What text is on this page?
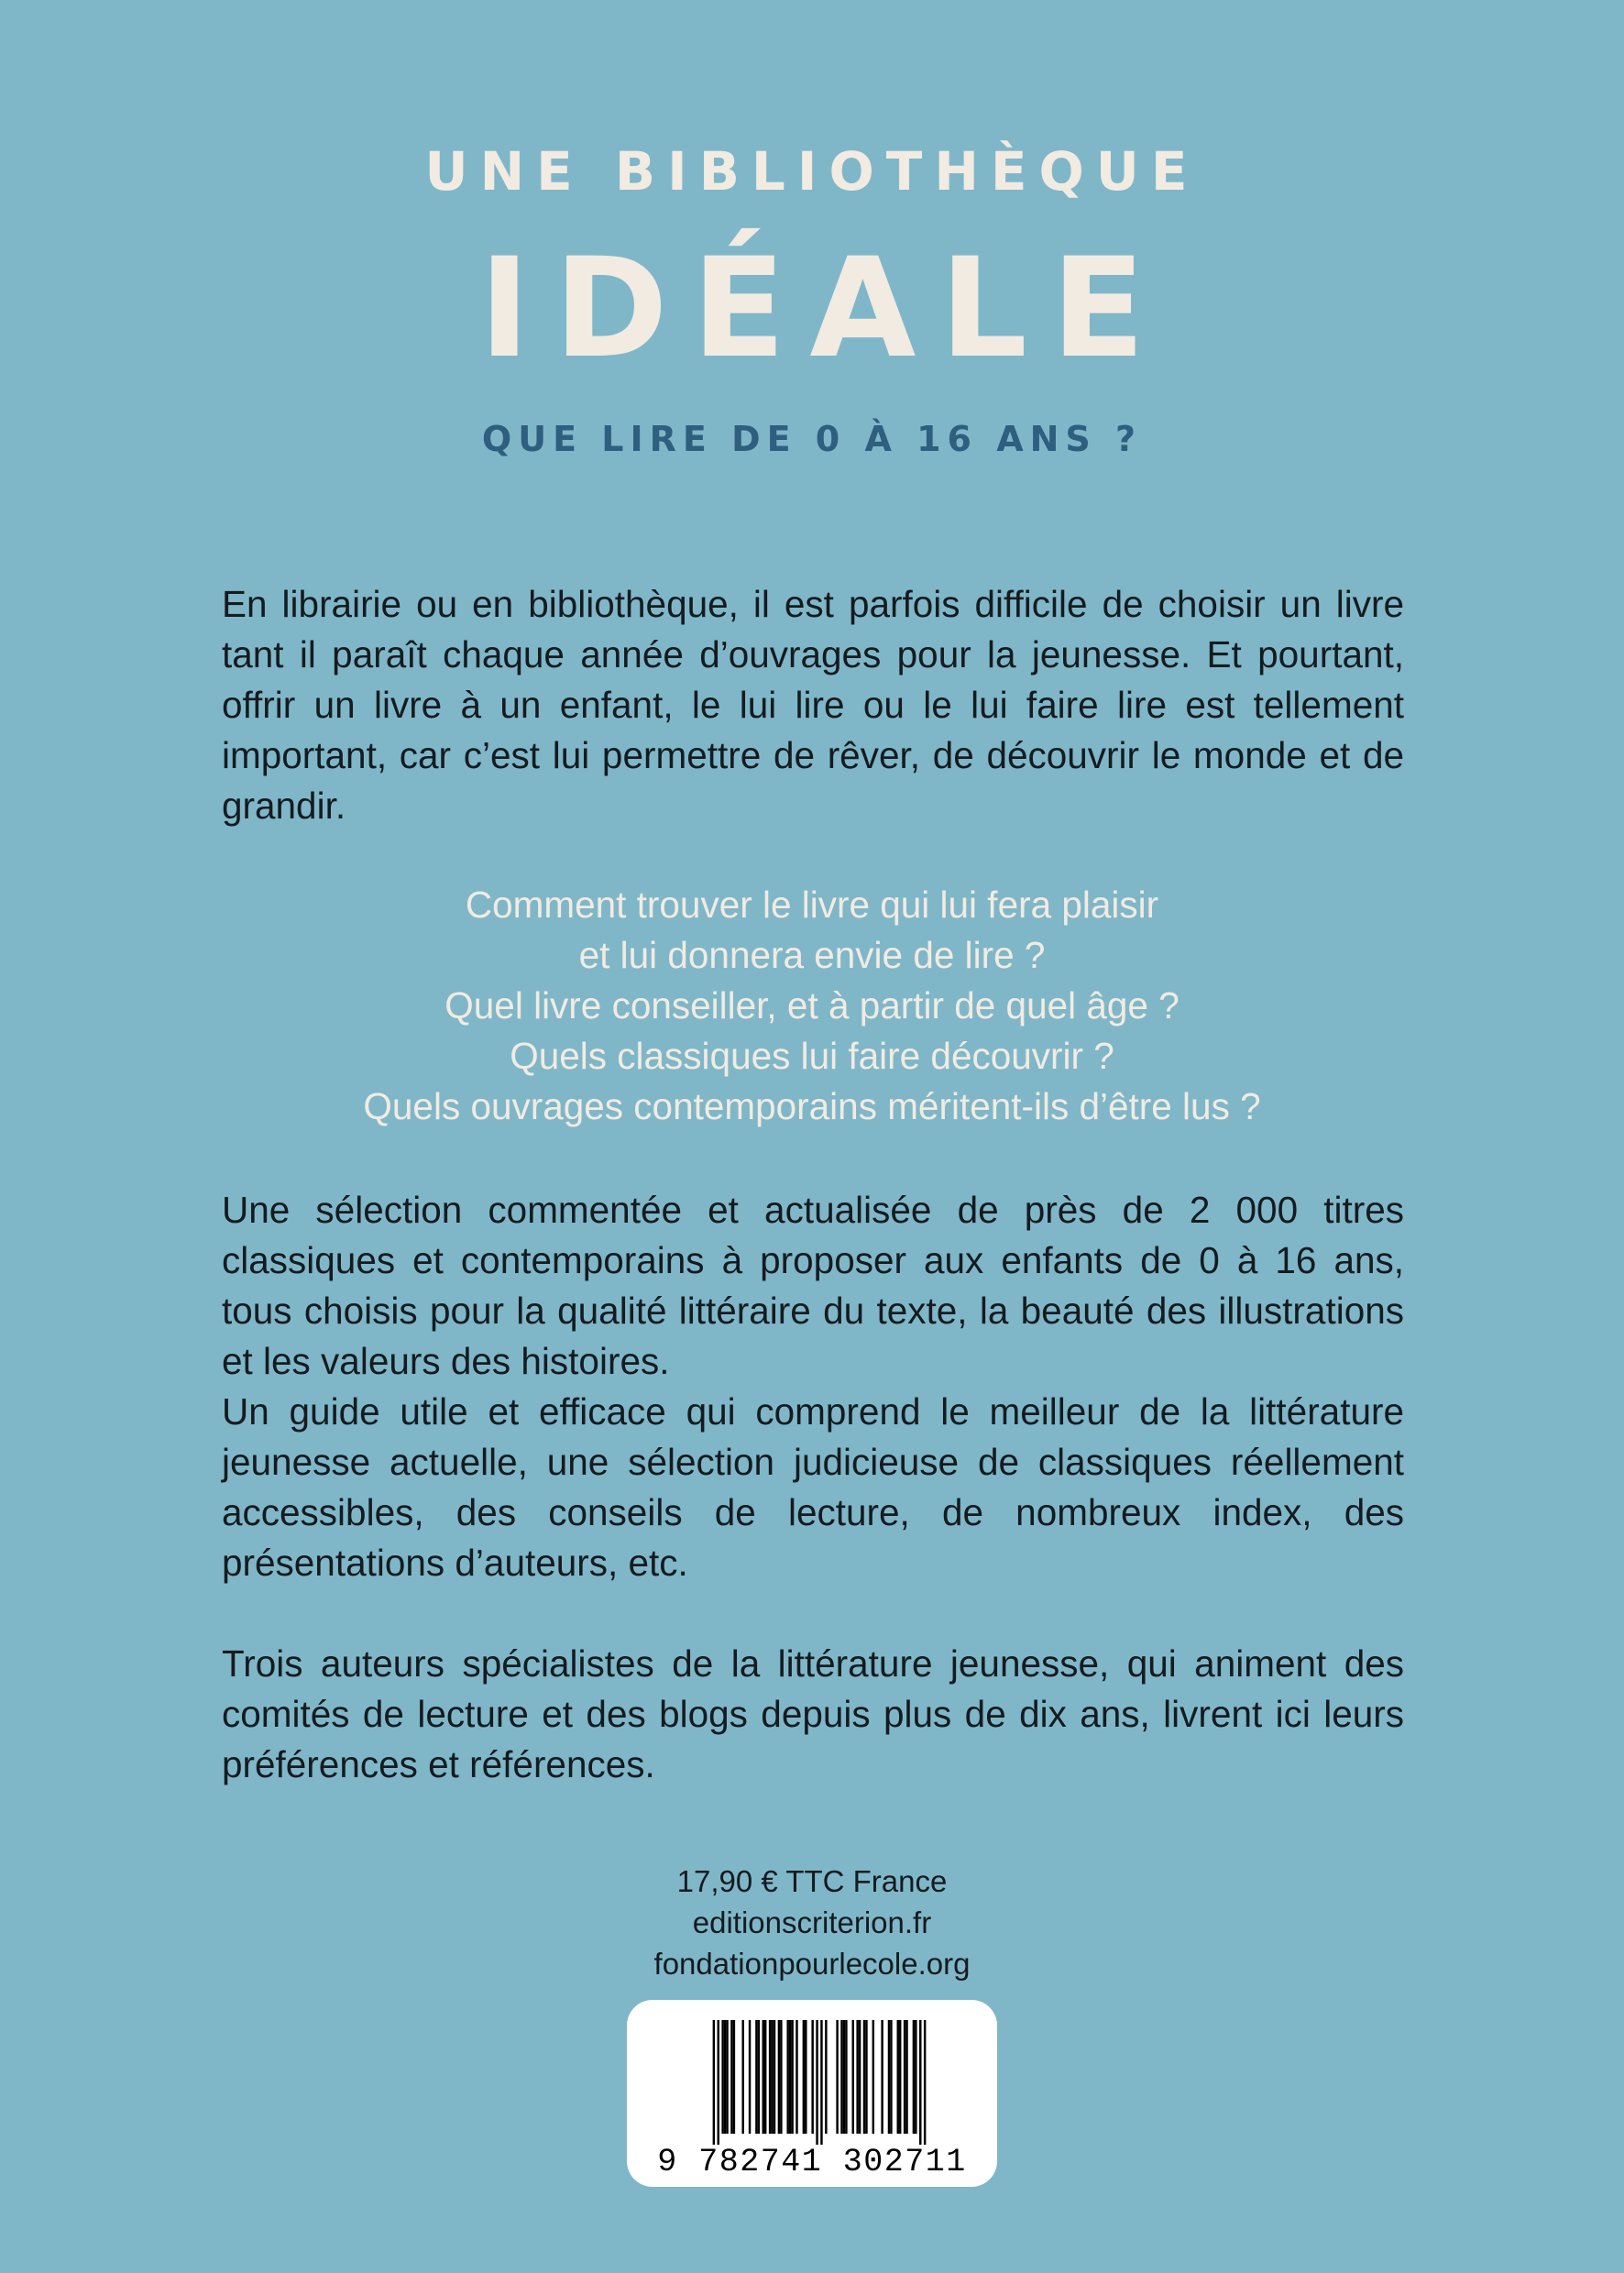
UNE BIBLIOTHÈQUE
IDÉALE
QUE LIRE DE 0 À 16 ANS ?

En librairie ou en bibliothèque, il est parfois difficile de choisir un livre tant il paraît chaque année d’ouvrages pour la jeunesse. Et pourtant, offrir un livre à un enfant, le lui lire ou le lui faire lire est tellement important, car c’est lui permettre de rêver, de découvrir le monde et de grandir.

Comment trouver le livre qui lui fera plaisir
et lui donnera envie de lire ?
Quel livre conseiller, et à partir de quel âge ?
Quels classiques lui faire découvrir ?
Quels ouvrages contemporains méritent-ils d’être lus ?

Une sélection commentée et actualisée de près de 2 000 titres classiques et contemporains à proposer aux enfants de 0 à 16 ans, tous choisis pour la qualité littéraire du texte, la beauté des illustrations et les valeurs des histoires.

Un guide utile et efficace qui comprend le meilleur de la littérature jeunesse actuelle, une sélection judicieuse de classiques réellement accessibles, des conseils de lecture, de nombreux index, des présentations d’auteurs, etc.

Trois auteurs spécialistes de la littérature jeunesse, qui animent des comités de lecture et des blogs depuis plus de dix ans, livrent ici leurs préférences et références.

17,90 € TTC France
editionscriterion.fr
fondationpourlecole.org
9 782741 302711
